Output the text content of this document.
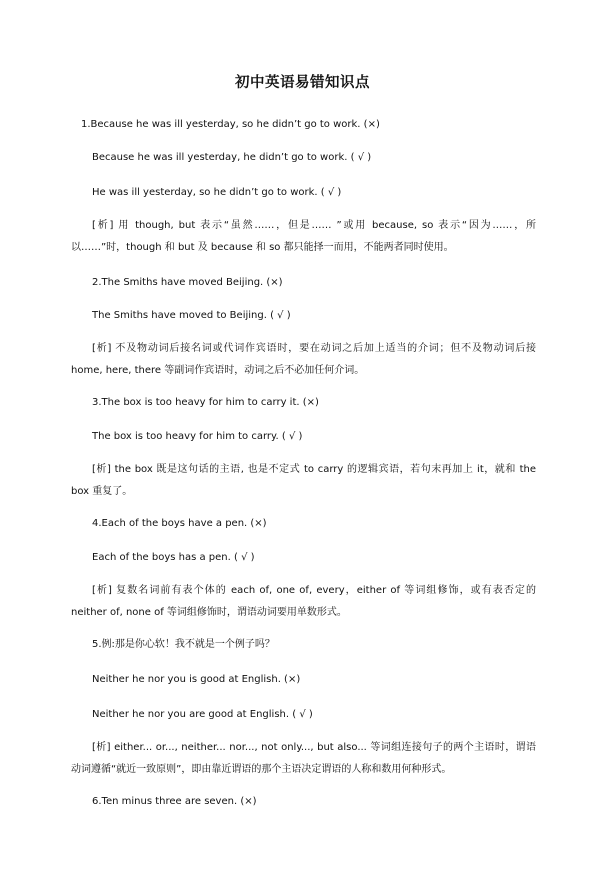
初中英语易错知识点
1.Because he was ill yesterday, so he didn’t go to work. (×)
Because he was ill yesterday, he didn’t go to work. ( √ )
He was ill yesterday, so he didn’t go to work. ( √ )
[析] 用 though, but 表示“虽然……，但是…… ”或用 because, so 表示“因为……，所以……”时，though 和 but 及 because 和 so 都只能择一而用，不能两者同时使用。
2.The Smiths have moved Beijing. (×)
The Smiths have moved to Beijing. ( √ )
[析] 不及物动词后接名词或代词作宾语时，要在动词之后加上适当的介词；但不及物动词后接 home, here, there 等副词作宾语时，动词之后不必加任何介词。
3.The box is too heavy for him to carry it. (×)
The box is too heavy for him to carry. ( √ )
[析] the box 既是这句话的主语, 也是不定式 to carry 的逻辑宾语，若句末再加上 it，就和 the box 重复了。
4.Each of the boys have a pen. (×)
Each of the boys has a pen. ( √ )
[析] 复数名词前有表个体的 each of, one of, every，either of 等词组修饰，或有表否定的 neither of, none of 等词组修饰时，谓语动词要用单数形式。
5.例:那是你心软！我不就是一个例子吗？
Neither he nor you is good at English. (×)
Neither he nor you are good at English. ( √ )
[析] either... or..., neither... nor..., not only..., but also... 等词组连接句子的两个主语时，谓语动词遵循“就近一致原则”，即由靠近谓语的那个主语决定谓语的人称和数用何种形式。
6.Ten minus three are seven. (×)
